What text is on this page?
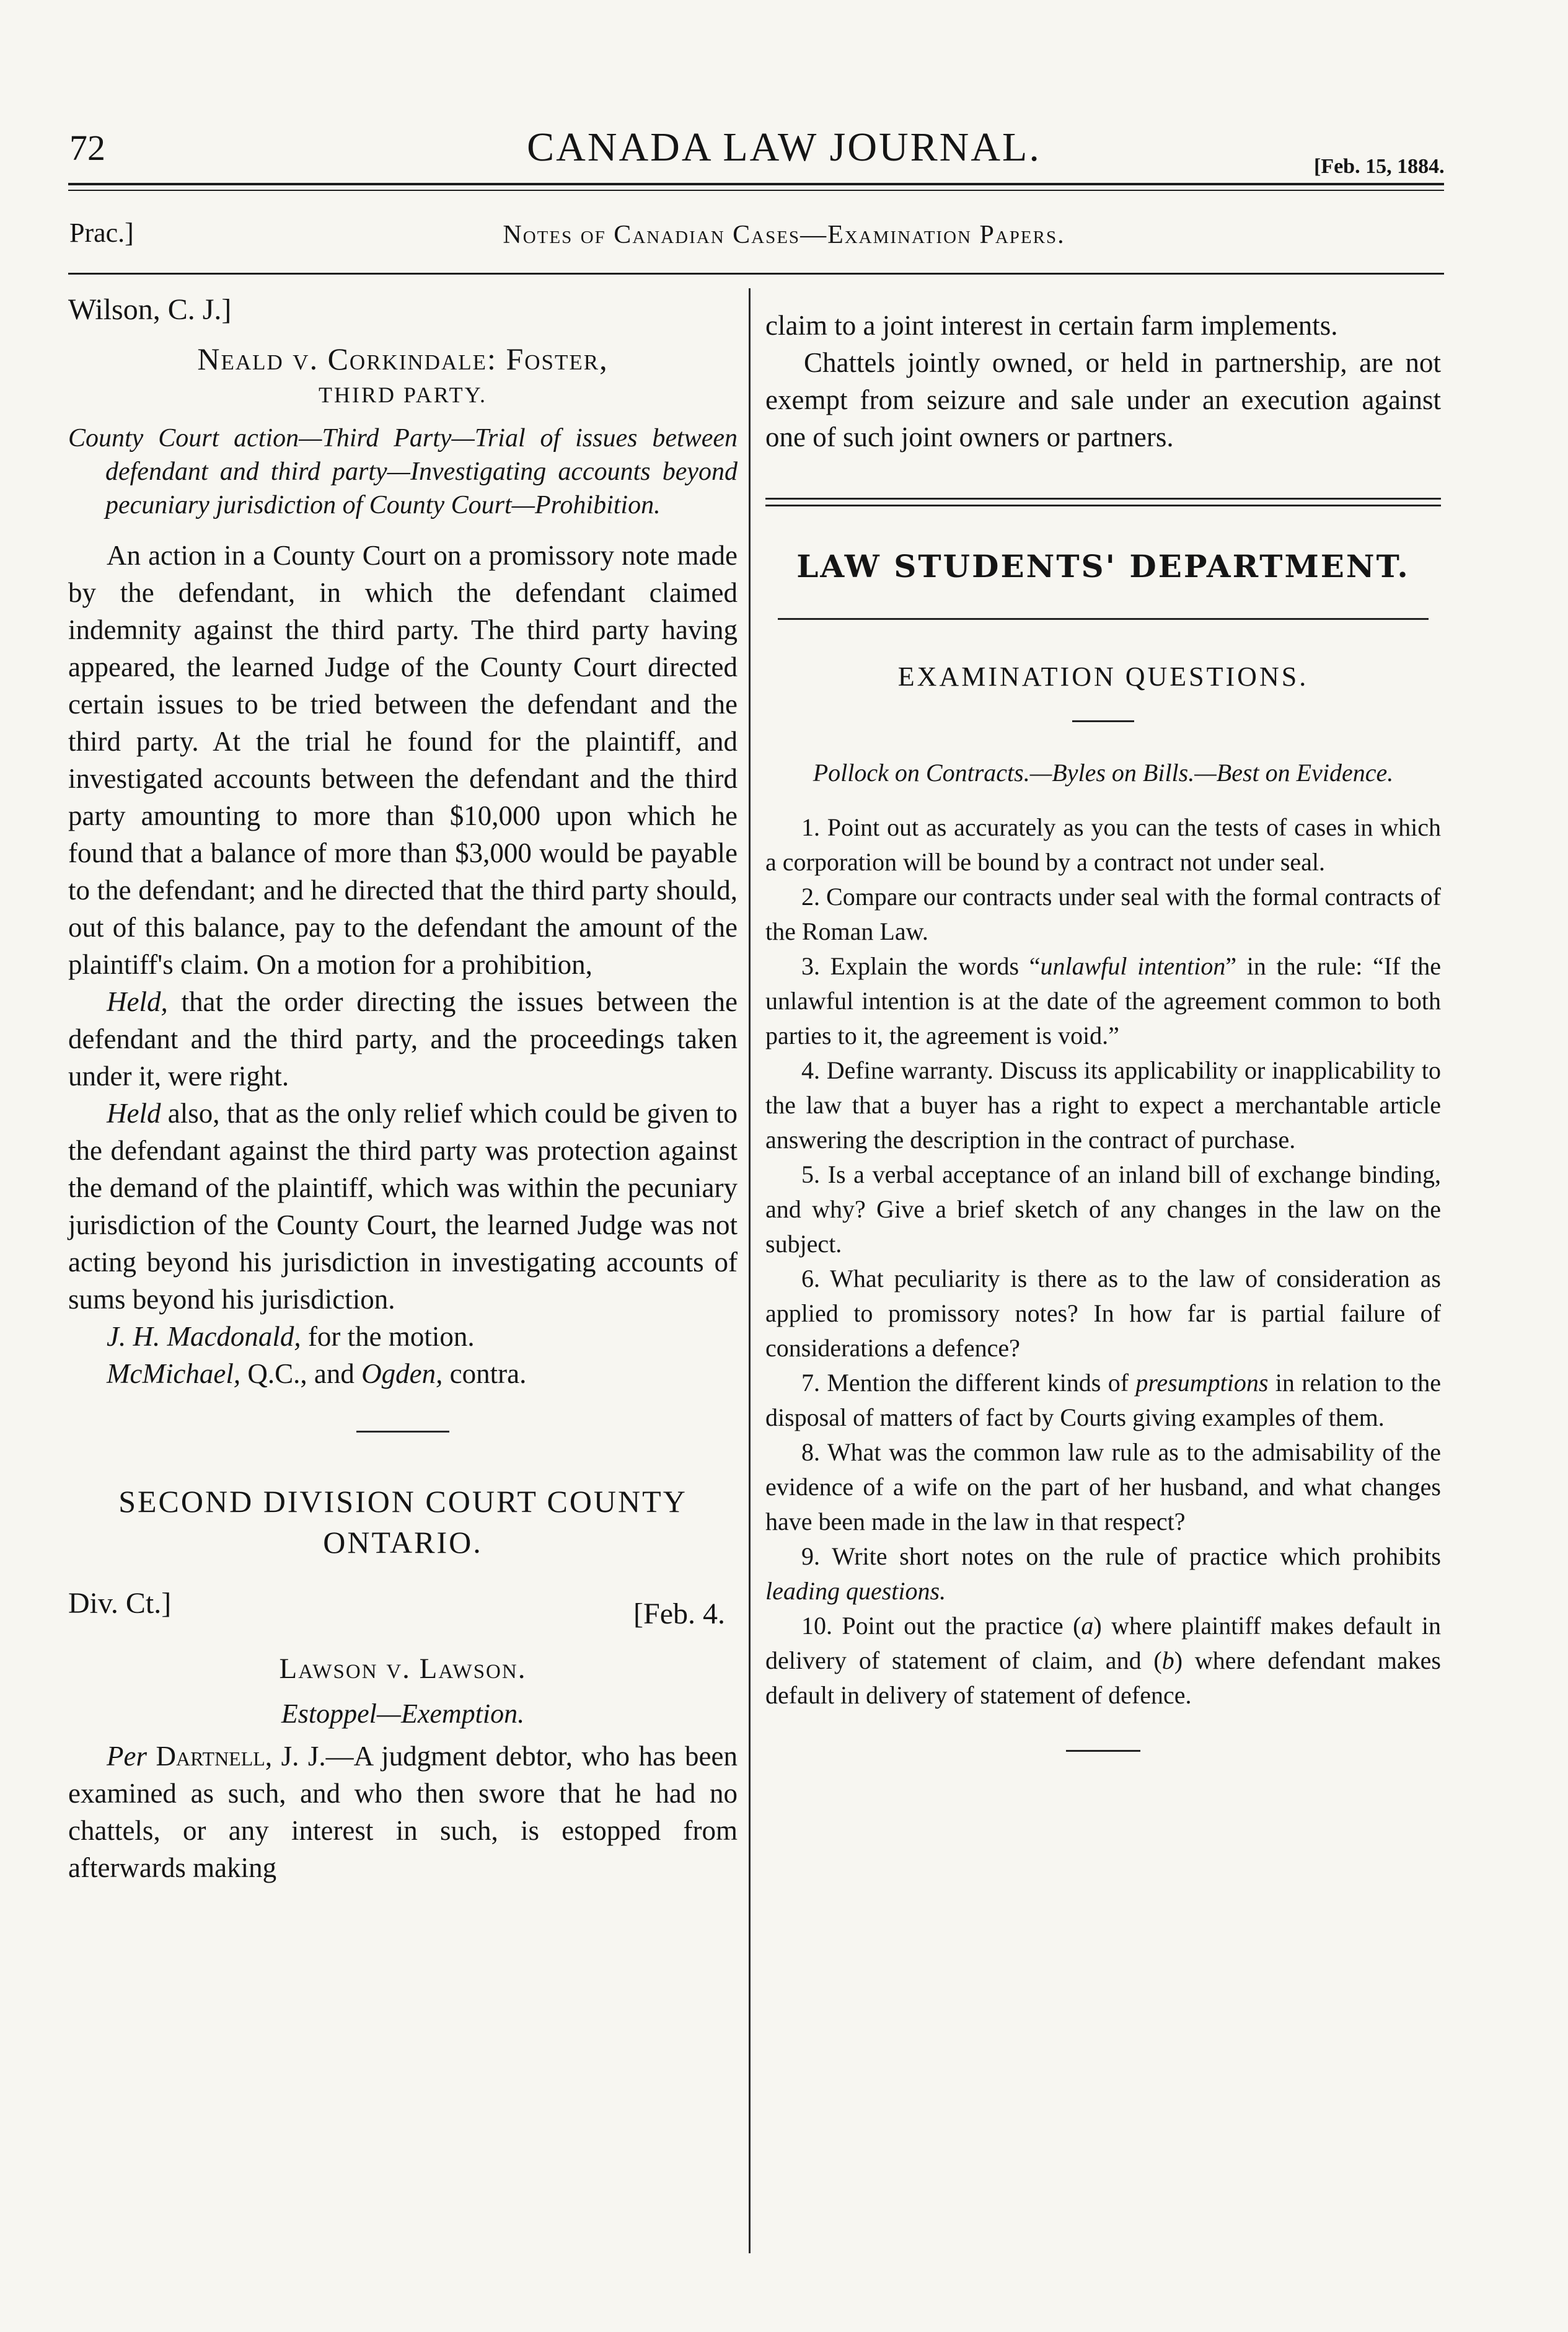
72	CANADA LAW JOURNAL.	[Feb. 15, 1884.
Prac.]	Notes of Canadian Cases—Examination Papers.
Wilson, C. J.]
Neald v. Corkindale: Foster,
THIRD PARTY.
County Court action—Third Party—Trial of issues between defendant and third party—Investigating accounts beyond pecuniary jurisdiction of County Court—Prohibition.
An action in a County Court on a promissory note made by the defendant, in which the defendant claimed indemnity against the third party. The third party having appeared, the learned Judge of the County Court directed certain issues to be tried between the defendant and the third party. At the trial he found for the plaintiff, and investigated accounts between the defendant and the third party amounting to more than $10,000 upon which he found that a balance of more than $3,000 would be payable to the defendant; and he directed that the third party should, out of this balance, pay to the defendant the amount of the plaintiff's claim. On a motion for a prohibition,
Held, that the order directing the issues between the defendant and the third party, and the proceedings taken under it, were right.
Held also, that as the only relief which could be given to the defendant against the third party was protection against the demand of the plaintiff, which was within the pecuniary jurisdiction of the County Court, the learned Judge was not acting beyond his jurisdiction in investigating accounts of sums beyond his jurisdiction.
J. H. Macdonald, for the motion.
McMichael, Q.C., and Ogden, contra.
SECOND DIVISION COURT COUNTY
ONTARIO.
Div. Ct.]	[Feb. 4.
Lawson v. Lawson.
Estoppel—Exemption.
Per Dartnell, J. J.—A judgment debtor, who has been examined as such, and who then swore that he had no chattels, or any interest in such, is estopped from afterwards making
claim to a joint interest in certain farm implements.
Chattels jointly owned, or held in partnership, are not exempt from seizure and sale under an execution against one of such joint owners or partners.
LAW STUDENTS' DEPARTMENT.
EXAMINATION QUESTIONS.
Pollock on Contracts.—Byles on Bills.—Best on Evidence.
1. Point out as accurately as you can the tests of cases in which a corporation will be bound by a contract not under seal.
2. Compare our contracts under seal with the formal contracts of the Roman Law.
3. Explain the words “unlawful intention” in the rule: “If the unlawful intention is at the date of the agreement common to both parties to it, the agreement is void.”
4. Define warranty. Discuss its applicability or inapplicability to the law that a buyer has a right to expect a merchantable article answering the description in the contract of purchase.
5. Is a verbal acceptance of an inland bill of exchange binding, and why? Give a brief sketch of any changes in the law on the subject.
6. What peculiarity is there as to the law of consideration as applied to promissory notes? In how far is partial failure of considerations a defence?
7. Mention the different kinds of presumptions in relation to the disposal of matters of fact by Courts giving examples of them.
8. What was the common law rule as to the admisability of the evidence of a wife on the part of her husband, and what changes have been made in the law in that respect?
9. Write short notes on the rule of practice which prohibits leading questions.
10. Point out the practice (a) where plaintiff makes default in delivery of statement of claim, and (b) where defendant makes default in delivery of statement of defence.
